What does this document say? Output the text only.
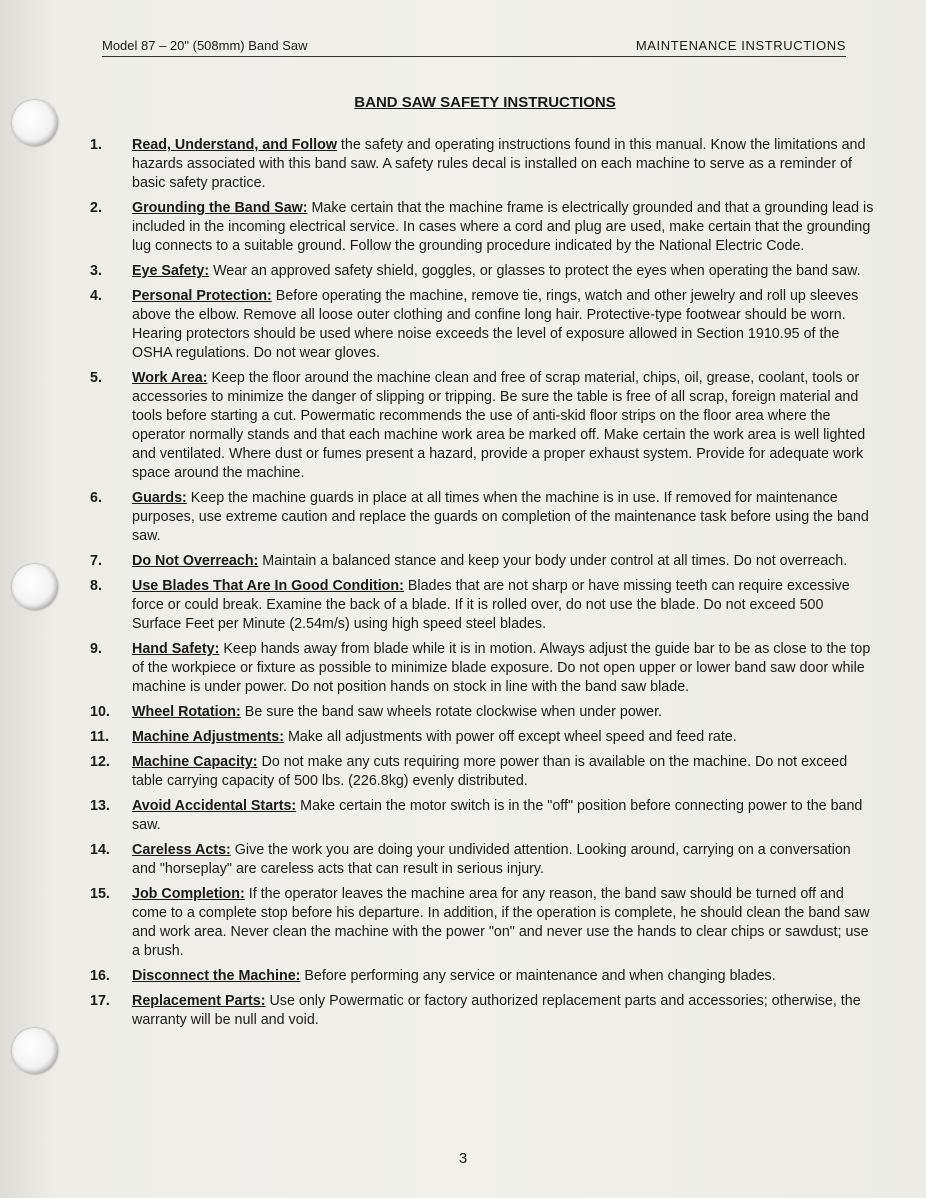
Model 87 – 20" (508mm) Band Saw	MAINTENANCE INSTRUCTIONS
BAND SAW SAFETY INSTRUCTIONS
1.	Read, Understand, and Follow the safety and operating instructions found in this manual. Know the limitations and hazards associated with this band saw. A safety rules decal is installed on each machine to serve as a reminder of basic safety practice.
2.	Grounding the Band Saw: Make certain that the machine frame is electrically grounded and that a grounding lead is included in the incoming electrical service. In cases where a cord and plug are used, make certain that the grounding lug connects to a suitable ground. Follow the grounding procedure indicated by the National Electric Code.
3.	Eye Safety: Wear an approved safety shield, goggles, or glasses to protect the eyes when operating the band saw.
4.	Personal Protection: Before operating the machine, remove tie, rings, watch and other jewelry and roll up sleeves above the elbow. Remove all loose outer clothing and confine long hair. Protective-type footwear should be worn. Hearing protectors should be used where noise exceeds the level of exposure allowed in Section 1910.95 of the OSHA regulations. Do not wear gloves.
5.	Work Area: Keep the floor around the machine clean and free of scrap material, chips, oil, grease, coolant, tools or accessories to minimize the danger of slipping or tripping. Be sure the table is free of all scrap, foreign material and tools before starting a cut. Powermatic recommends the use of anti-skid floor strips on the floor area where the operator normally stands and that each machine work area be marked off. Make certain the work area is well lighted and ventilated. Where dust or fumes present a hazard, provide a proper exhaust system. Provide for adequate work space around the machine.
6.	Guards: Keep the machine guards in place at all times when the machine is in use. If removed for maintenance purposes, use extreme caution and replace the guards on completion of the maintenance task before using the band saw.
7.	Do Not Overreach: Maintain a balanced stance and keep your body under control at all times. Do not overreach.
8.	Use Blades That Are In Good Condition: Blades that are not sharp or have missing teeth can require excessive force or could break. Examine the back of a blade. If it is rolled over, do not use the blade. Do not exceed 500 Surface Feet per Minute (2.54m/s) using high speed steel blades.
9.	Hand Safety: Keep hands away from blade while it is in motion. Always adjust the guide bar to be as close to the top of the workpiece or fixture as possible to minimize blade exposure. Do not open upper or lower band saw door while machine is under power. Do not position hands on stock in line with the band saw blade.
10.	Wheel Rotation: Be sure the band saw wheels rotate clockwise when under power.
11.	Machine Adjustments: Make all adjustments with power off except wheel speed and feed rate.
12.	Machine Capacity: Do not make any cuts requiring more power than is available on the machine. Do not exceed table carrying capacity of 500 lbs. (226.8kg) evenly distributed.
13.	Avoid Accidental Starts: Make certain the motor switch is in the "off" position before connecting power to the band saw.
14.	Careless Acts: Give the work you are doing your undivided attention. Looking around, carrying on a conversation and "horseplay" are careless acts that can result in serious injury.
15.	Job Completion: If the operator leaves the machine area for any reason, the band saw should be turned off and come to a complete stop before his departure. In addition, if the operation is complete, he should clean the band saw and work area. Never clean the machine with the power "on" and never use the hands to clear chips or sawdust; use a brush.
16.	Disconnect the Machine: Before performing any service or maintenance and when changing blades.
17.	Replacement Parts: Use only Powermatic or factory authorized replacement parts and accessories; otherwise, the warranty will be null and void.
3
